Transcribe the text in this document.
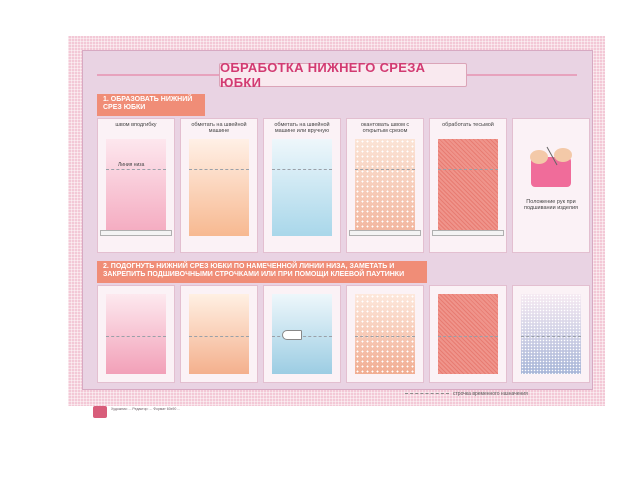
ОБРАБОТКА НИЖНЕГО СРЕЗА ЮБКИ
1. ОБРАЗОВАТЬ НИЖНИЙ СРЕЗ ЮБКИ
швом вподгибку
Линия низа
обметать на швейной машине
обметать на швейной машине или вручную
окантовать швом с открытым срезом
обработать тесьмой
Положение рук при подшивании изделия
2. ПОДОГНУТЬ НИЖНИЙ СРЕЗ ЮБКИ ПО НАМЕЧЕННОЙ ЛИНИИ НИЗА, ЗАМЕТАТЬ И ЗАКРЕПИТЬ ПОДШИВОЧНЫМИ СТРОЧКАМИ ИЛИ ПРИ ПОМОЩИ КЛЕЕВОЙ ПАУТИНКИ
строчка временного назначения
Художник: ... Редактор: ... Формат 60x90 ...
